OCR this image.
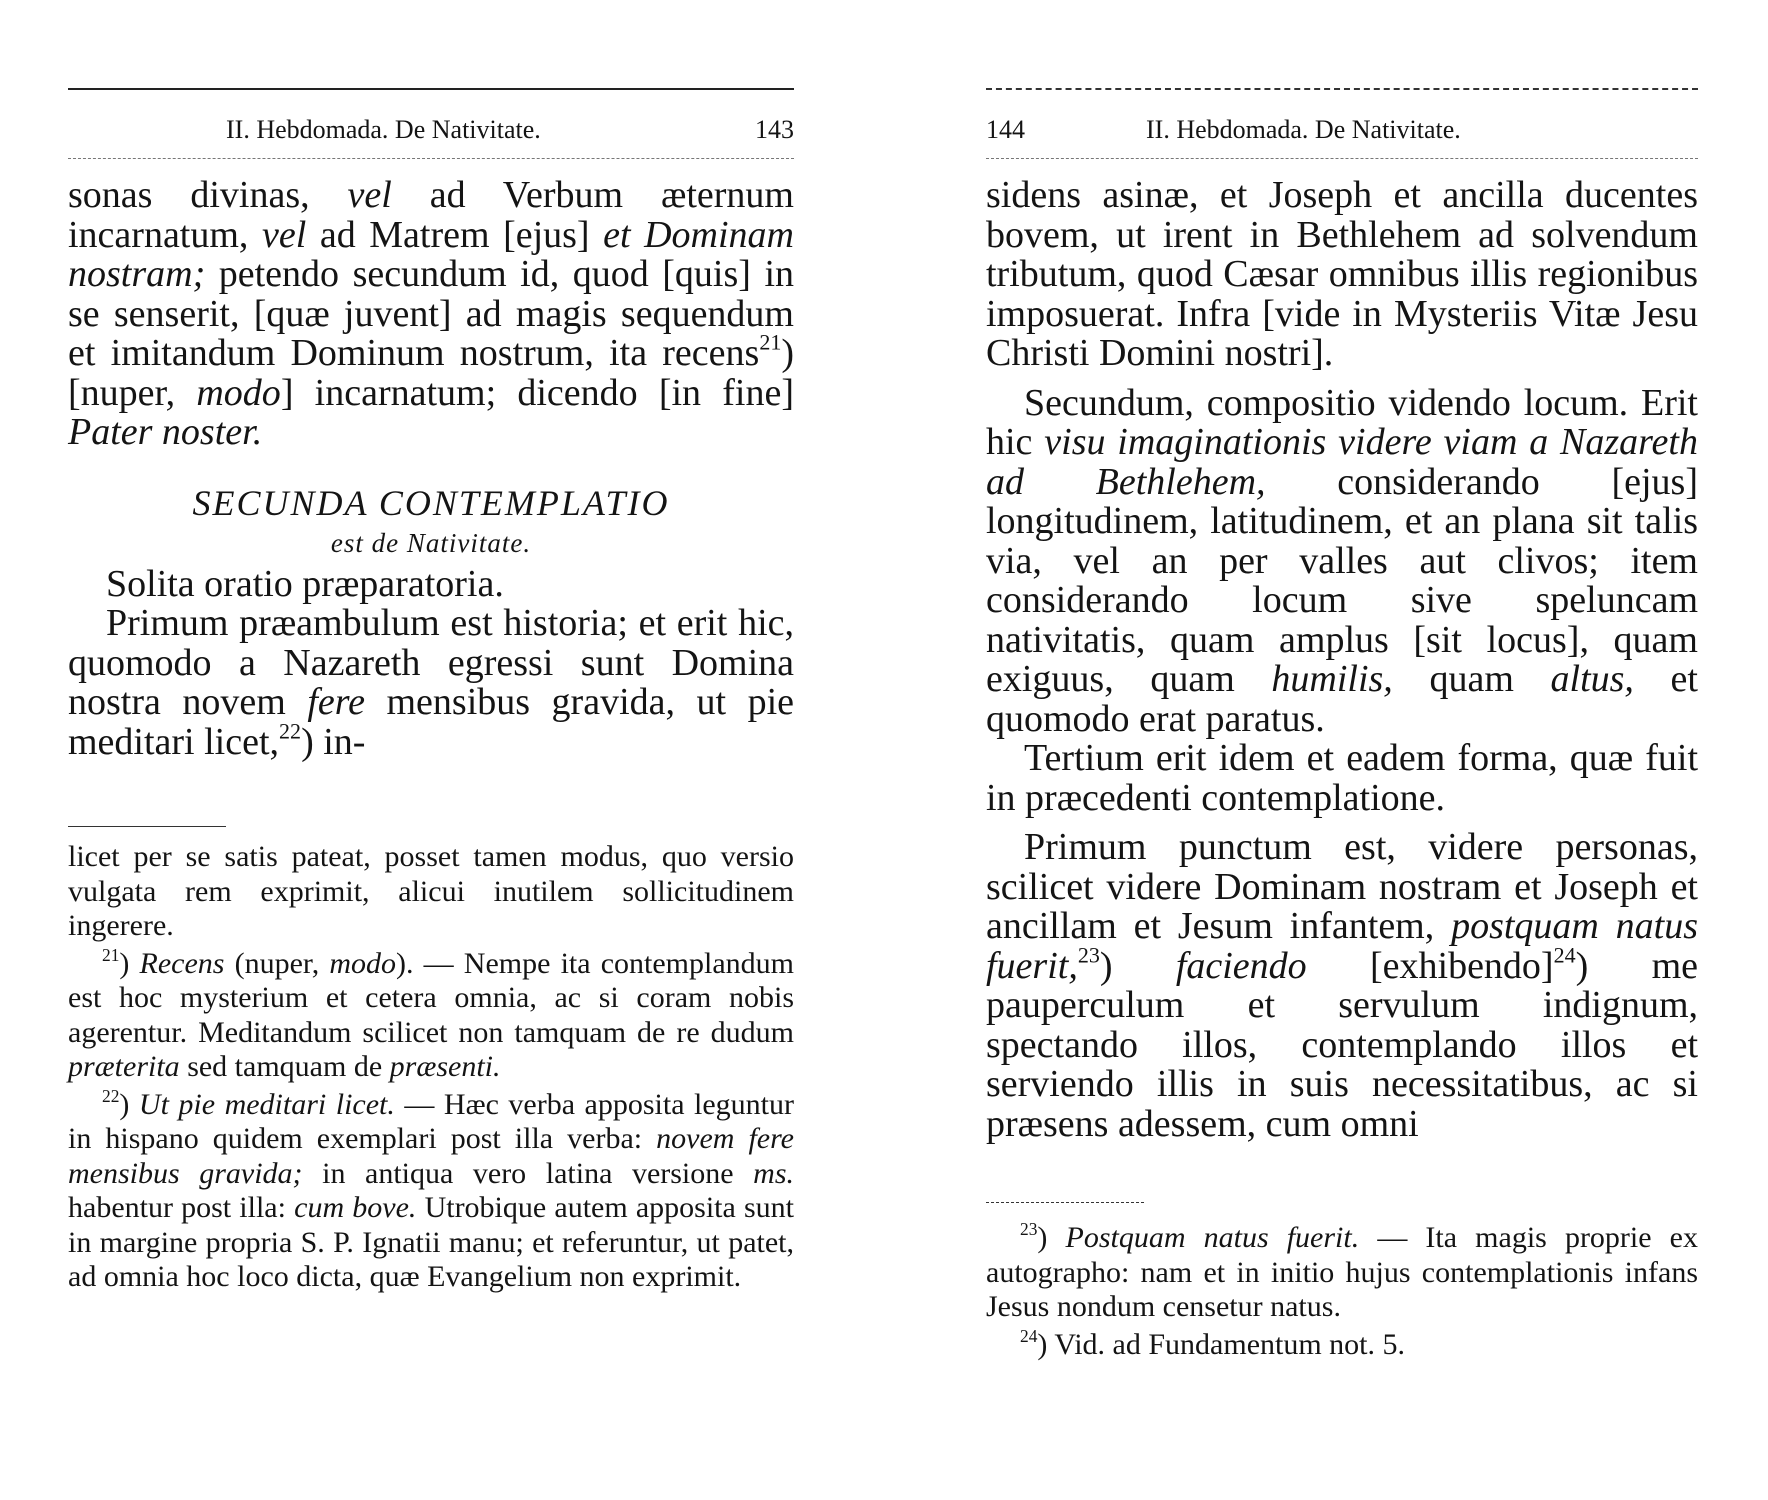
II. Hebdomada. De Nativitate.	143

sonas divinas, vel ad Verbum æternum incarnatum, vel ad Matrem [ejus] et Dominam nostram; petendo secundum id, quod [quis] in se senserit, [quæ juvent] ad magis sequendum et imitandum Dominum nostrum, ita recens$^{21}$) [nuper, modo] incarnatum; dicendo [in fine] Pater noster.

SECUNDA CONTEMPLATIO
est de Nativitate.

Solita oratio præparatoria.

Primum præambulum est historia; et erit hic, quomodo a Nazareth egressi sunt Domina nostra novem fere mensibus gravida, ut pie meditari licet,$^{22}$) in-

licet per se satis pateat, posset tamen modus, quo versio vulgata rem exprimit, alicui inutilem sollicitudinem ingerere.

$^{21}$) Recens (nuper, modo). — Nempe ita contemplandum est hoc mysterium et cetera omnia, ac si coram nobis agerentur. Meditandum scilicet non tamquam de re dudum præterita sed tamquam de præsenti.

$^{22}$) Ut pie meditari licet. — Hæc verba apposita leguntur in hispano quidem exemplari post illa verba: novem fere mensibus gravida; in antiqua vero latina versione ms. habentur post illa: cum bove. Utrobique autem apposita sunt in margine propria S. P. Ignatii manu; et referuntur, ut patet, ad omnia hoc loco dicta, quæ Evangelium non exprimit.

144	II. Hebdomada. De Nativitate.

sidens asinæ, et Joseph et ancilla ducentes bovem, ut irent in Bethlehem ad solvendum tributum, quod Cæsar omnibus illis regionibus imposuerat. Infra [vide in Mysteriis Vitæ Jesu Christi Domini nostri].

Secundum, compositio videndo locum. Erit hic visu imaginationis videre viam a Nazareth ad Bethlehem, considerando [ejus] longitudinem, latitudinem, et an plana sit talis via, vel an per valles aut clivos; item considerando locum sive speluncam nativitatis, quam amplus [sit locus], quam exiguus, quam humilis, quam altus, et quomodo erat paratus.

Tertium erit idem et eadem forma, quæ fuit in præcedenti contemplatione.

Primum punctum est, videre personas, scilicet videre Dominam nostram et Joseph et ancillam et Jesum infantem, postquam natus fuerit,$^{23}$) faciendo [exhibendo]$^{24}$) me pauperculum et servulum indignum, spectando illos, contemplando illos et serviendo illis in suis necessitatibus, ac si præsens adessem, cum omni

$^{23}$) Postquam natus fuerit. — Ita magis proprie ex autographo: nam et in initio hujus contemplationis infans Jesus nondum censetur natus.

$^{24}$) Vid. ad Fundamentum not. 5.
